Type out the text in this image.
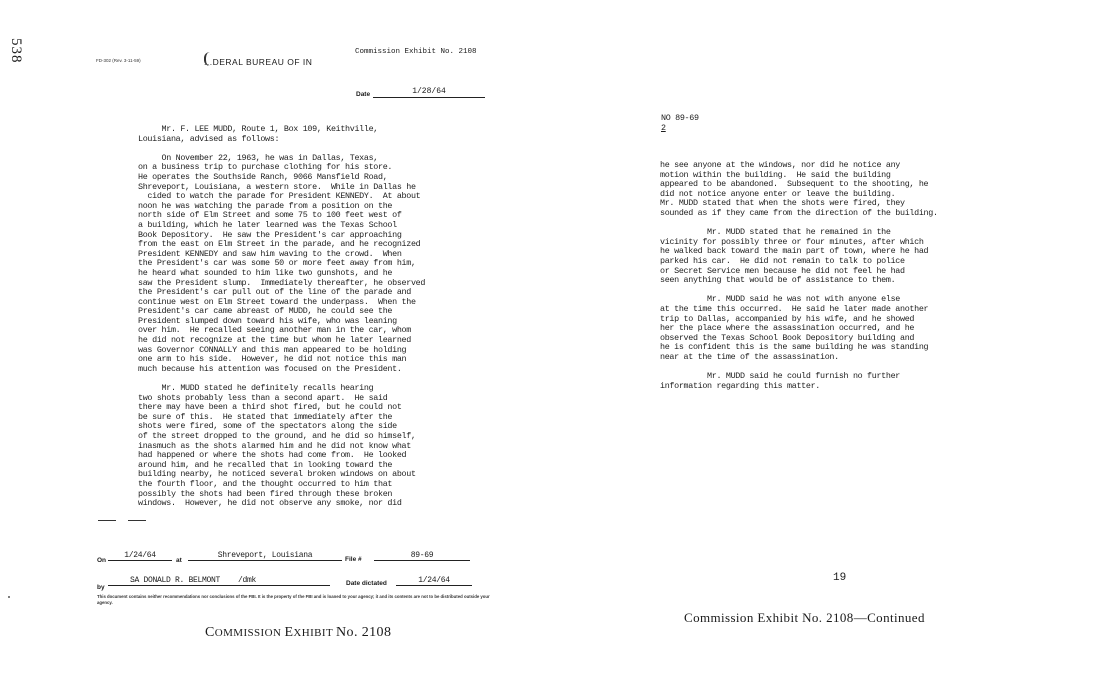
538	FD-302 (Rev. 3-11-59)	...DERAL BUREAU OF IN
Commission Exhibit No. 2108
Date	1/28/64
Mr. F. LEE MUDD, Route 1, Box 109, Keithville,
Louisiana, advised as follows:

On November 22, 1963, he was in Dallas, Texas,
on a business trip to purchase clothing for his store.
He operates the Southside Ranch, 9066 Mansfield Road,
Shreveport, Louisiana, a western store.  While in Dallas he
cided to watch the parade for President KENNEDY.  At about
noon he was watching the parade from a position on the
north side of Elm Street and some 75 to 100 feet west of
a building, which he later learned was the Texas School
Book Depository.  He saw the President's car approaching
from the east on Elm Street in the parade, and he recognized
President KENNEDY and saw him waving to the crowd.  When
the President's car was some 50 or more feet away from him,
he heard what sounded to him like two gunshots, and he
saw the President slump.  Immediately thereafter, he observed
the President's car pull out of the line of the parade and
continue west on Elm Street toward the underpass.  When the
President's car came abreast of MUDD, he could see the
President slumped down toward his wife, who was leaning
over him.  He recalled seeing another man in the car, whom
he did not recognize at the time but whom he later learned
was Governor CONNALLY and this man appeared to be holding
one arm to his side.  However, he did not notice this man
much because his attention was focused on the President.

Mr. MUDD stated he definitely recalls hearing
two shots probably less than a second apart.  He said
there may have been a third shot fired, but he could not
be sure of this.  He stated that immediately after the
shots were fired, some of the spectators along the side
of the street dropped to the ground, and he did so himself,
inasmuch as the shots alarmed him and he did not know what
had happened or where the shots had come from.  He looked
around him, and he recalled that in looking toward the
building nearby, he noticed several broken windows on about
the fourth floor, and the thought occurred to him that
possibly the shots had been fired through these broken
windows.  However, he did not observe any smoke, nor did
On
1/24/64
at
Shreveport, Louisiana	File #	89-69
by
SA DONALD R. BELMONT /dmk	Date dictated	1/24/64
This document contains neither recommendations nor conclusions of the FBI. It is the property of the FBI and is loaned to your agency; it and its contents are not to be distributed outside your agency.
COMMISSION EXHIBIT No. 2108
NO 89-69
2
he see anyone at the windows, nor did he notice any
motion within the building.  He said the building
appeared to be abandoned.  Subsequent to the shooting, he
did not notice anyone enter or leave the building.
Mr. MUDD stated that when the shots were fired, they
sounded as if they came from the direction of the building.

Mr. MUDD stated that he remained in the
vicinity for possibly three or four minutes, after which
he walked back toward the main part of town, where he had
parked his car.  He did not remain to talk to police
or Secret Service men because he did not feel he had
seen anything that would be of assistance to them.

Mr. MUDD said he was not with anyone else
at the time this occurred.  He said he later made another
trip to Dallas, accompanied by his wife, and he showed
her the place where the assassination occurred, and he
observed the Texas School Book Depository building and
he is confident this is the same building he was standing
near at the time of the assassination.

Mr. MUDD said he could furnish no further
information regarding this matter.
19
Commission Exhibit No. 2108—Continued
